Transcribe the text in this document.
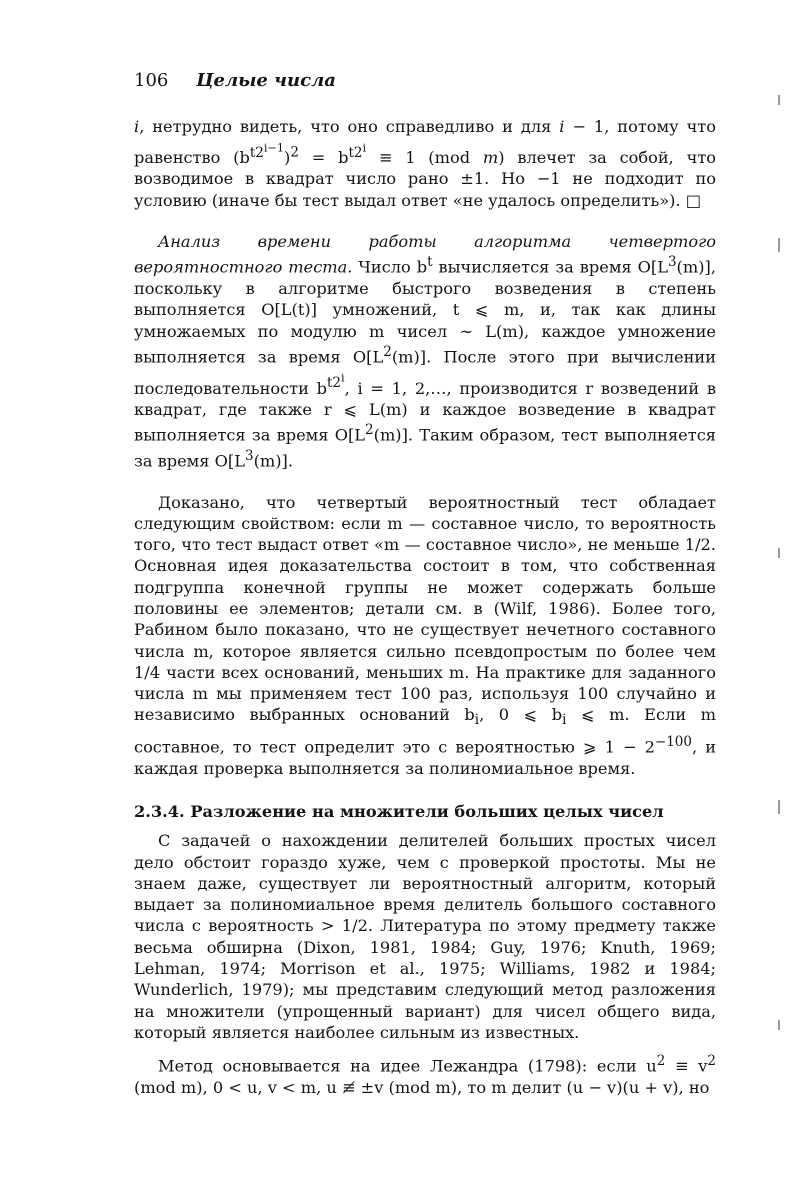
106 Целые числа

i, нетрудно видеть, что оно справедливо и для i − 1, потому что равенство $(b^{t2^{i-1}})^2 = b^{t2^i} \equiv 1$ (mod m) влечет за собой, что возводимое в квадрат число рано ±1. Но −1 не подходит по условию (иначе бы тест выдал ответ «не удалось определить»). □

Анализ времени работы алгоритма четвертого вероятностного теста. Число $b^t$ вычисляется за время $O[L^3(m)]$, поскольку в алгоритме быстрого возведения в степень выполняется O[L(t)] умножений, t ⩽ m, и, так как длины умножаемых по модулю m чисел ∼ L(m), каждое умножение выполняется за время $O[L^2(m)]$. После этого при вычислении последовательности $b^{t2^i}$, i = 1, 2,…, производится r возведений в квадрат, где также r ⩽ L(m) и каждое возведение в квадрат выполняется за время $O[L^2(m)]$. Таким образом, тест выполняется за время $O[L^3(m)]$.

Доказано, что четвертый вероятностный тест обладает следующим свойством: если m — составное число, то вероятность того, что тест выдаст ответ «m — составное число», не меньше 1/2. Основная идея доказательства состоит в том, что собственная подгруппа конечной группы не может содержать больше половины ее элементов; детали см. в (Wilf, 1986). Более того, Рабином было показано, что не существует нечетного составного числа m, которое является сильно псевдопростым по более чем 1/4 части всех оснований, меньших m. На практике для заданного числа m мы применяем тест 100 раз, используя 100 случайно и независимо выбранных оснований $b_i$, 0 ⩽ $b_i$ ⩽ m. Если m составное, то тест определит это с вероятностью ⩾ $1 - 2^{-100}$, и каждая проверка выполняется за полиномиальное время.

2.3.4. Разложение на множители больших целых чисел

С задачей о нахождении делителей больших простых чисел дело обстоит гораздо хуже, чем с проверкой простоты. Мы не знаем даже, существует ли вероятностный алгоритм, который выдает за полиномиальное время делитель большого составного числа с вероятность > 1/2. Литература по этому предмету также весьма обширна (Dixon, 1981, 1984; Guy, 1976; Knuth, 1969; Lehman, 1974; Morrison et al., 1975; Williams, 1982 и 1984; Wunderlich, 1979); мы представим следующий метод разложения на множители (упрощенный вариант) для чисел общего вида, который является наиболее сильным из известных.

Метод основывается на идее Лежандра (1798): если $u^2 \equiv v^2$ (mod m), 0 < u, v < m, u ≢ ±v (mod m), то m делит (u − v)(u + v), но
